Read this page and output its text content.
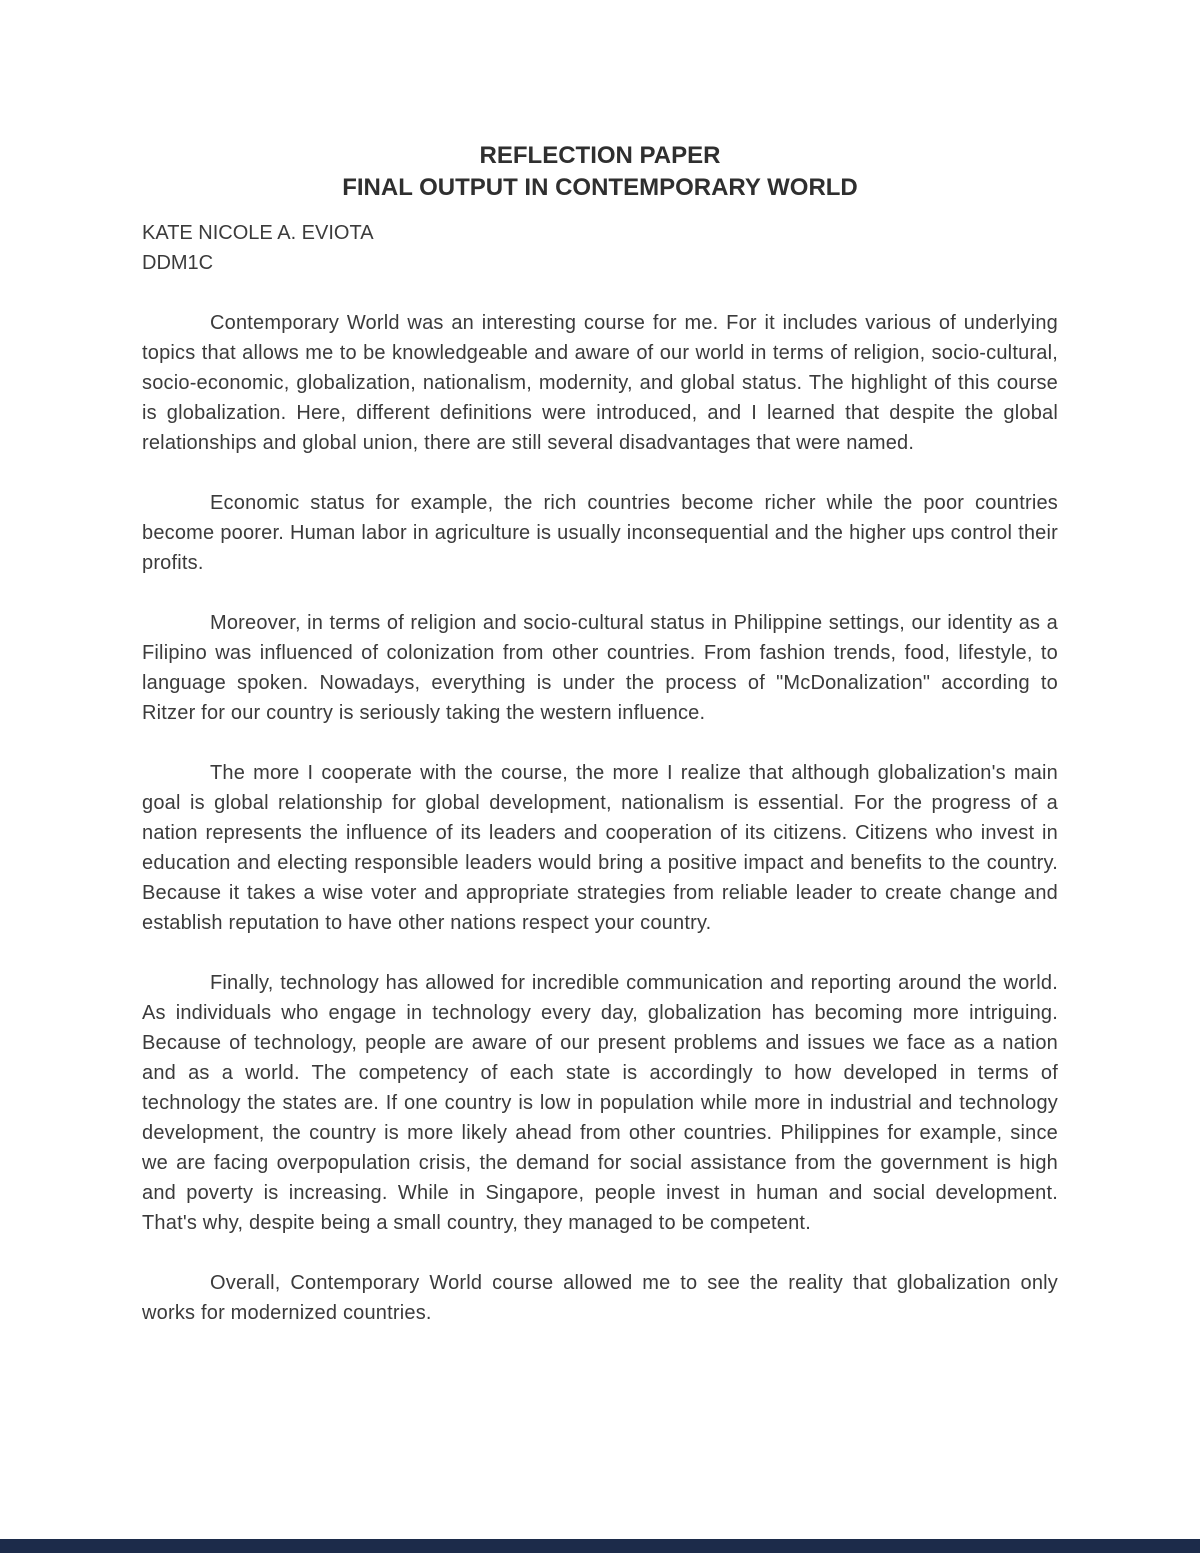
REFLECTION PAPER
FINAL OUTPUT IN CONTEMPORARY WORLD

KATE NICOLE A. EVIOTA

DDM1C

Contemporary World was an interesting course for me. For it includes various of underlying topics that allows me to be knowledgeable and aware of our world in terms of religion, socio-cultural, socio-economic, globalization, nationalism, modernity, and global status. The highlight of this course is globalization. Here, different definitions were introduced, and I learned that despite the global relationships and global union, there are still several disadvantages that were named.

Economic status for example, the rich countries become richer while the poor countries become poorer. Human labor in agriculture is usually inconsequential and the higher ups control their profits.

Moreover, in terms of religion and socio-cultural status in Philippine settings, our identity as a Filipino was influenced of colonization from other countries. From fashion trends, food, lifestyle, to language spoken. Nowadays, everything is under the process of "McDonalization" according to Ritzer for our country is seriously taking the western influence.

The more I cooperate with the course, the more I realize that although globalization's main goal is global relationship for global development, nationalism is essential. For the progress of a nation represents the influence of its leaders and cooperation of its citizens. Citizens who invest in education and electing responsible leaders would bring a positive impact and benefits to the country. Because it takes a wise voter and appropriate strategies from reliable leader to create change and establish reputation to have other nations respect your country.

Finally, technology has allowed for incredible communication and reporting around the world. As individuals who engage in technology every day, globalization has becoming more intriguing. Because of technology, people are aware of our present problems and issues we face as a nation and as a world. The competency of each state is accordingly to how developed in terms of technology the states are. If one country is low in population while more in industrial and technology development, the country is more likely ahead from other countries. Philippines for example, since we are facing overpopulation crisis, the demand for social assistance from the government is high and poverty is increasing. While in Singapore, people invest in human and social development. That's why, despite being a small country, they managed to be competent.

Overall, Contemporary World course allowed me to see the reality that globalization only works for modernized countries.
